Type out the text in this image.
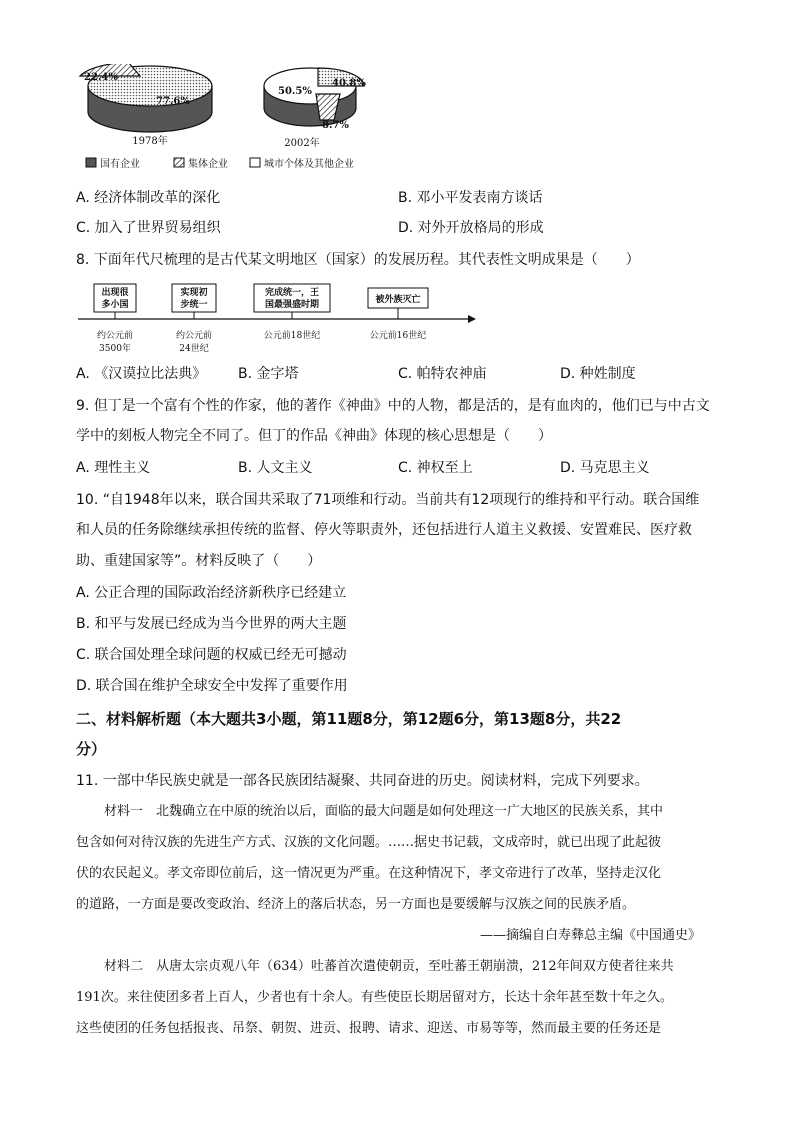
22.4%
77.6%
1978年
50.5%
40.8%
8.7%
2002年
国有企业	集体企业	城市个体及其他企业
A. 经济体制改革的深化	B. 邓小平发表南方谈话
C. 加入了世界贸易组织	D. 对外开放格局的形成
8. 下面年代尺梳理的是古代某文明地区（国家）的发展历程。其代表性文明成果是（　　）
出现很
多小国
实现初
步统一
完成统一，王
国最强盛时期	被外族灭亡
约公元前
3500年
约公元前
24世纪
公元前18世纪	公元前16世纪
A. 《汉谟拉比法典》 B. 金字塔	C. 帕特农神庙	D. 种姓制度
9. 但丁是一个富有个性的作家，他的著作《神曲》中的人物，都是活的，是有血肉的，他们已与中古文
学中的刻板人物完全不同了。但丁的作品《神曲》体现的核心思想是（　　）
A. 理性主义	B. 人文主义	C. 神权至上	D. 马克思主义
10. “自1948年以来，联合国共采取了71项维和行动。当前共有12项现行的维持和平行动。联合国维
和人员的任务除继续承担传统的监督、停火等职责外，还包括进行人道主义救援、安置难民、医疗救
助、重建国家等”。材料反映了（　　）
A. 公正合理的国际政治经济新秩序已经建立
B. 和平与发展已经成为当今世界的两大主题
C. 联合国处理全球问题的权威已经无可撼动
D. 联合国在维护全球安全中发挥了重要作用
二、材料解析题（本大题共3小题，第11题8分，第12题6分，第13题8分，共22
分）
11. 一部中华民族史就是一部各民族团结凝聚、共同奋进的历史。阅读材料，完成下列要求。
材料一　北魏确立在中原的统治以后，面临的最大问题是如何处理这一广大地区的民族关系，其中
包含如何对待汉族的先进生产方式、汉族的文化问题。……据史书记载，文成帝时，就已出现了此起彼
伏的农民起义。孝文帝即位前后，这一情况更为严重。在这种情况下，孝文帝进行了改革，坚持走汉化
的道路，一方面是要改变政治、经济上的落后状态，另一方面也是要缓解与汉族之间的民族矛盾。
——摘编自白寿彝总主编《中国通史》
材料二　从唐太宗贞观八年（634）吐蕃首次遣使朝贡，至吐蕃王朝崩溃，212年间双方使者往来共
191次。来往使团多者上百人，少者也有十余人。有些使臣长期居留对方，长达十余年甚至数十年之久。
这些使团的任务包括报丧、吊祭、朝贺、进贡、报聘、请求、迎送、市易等等，然而最主要的任务还是
